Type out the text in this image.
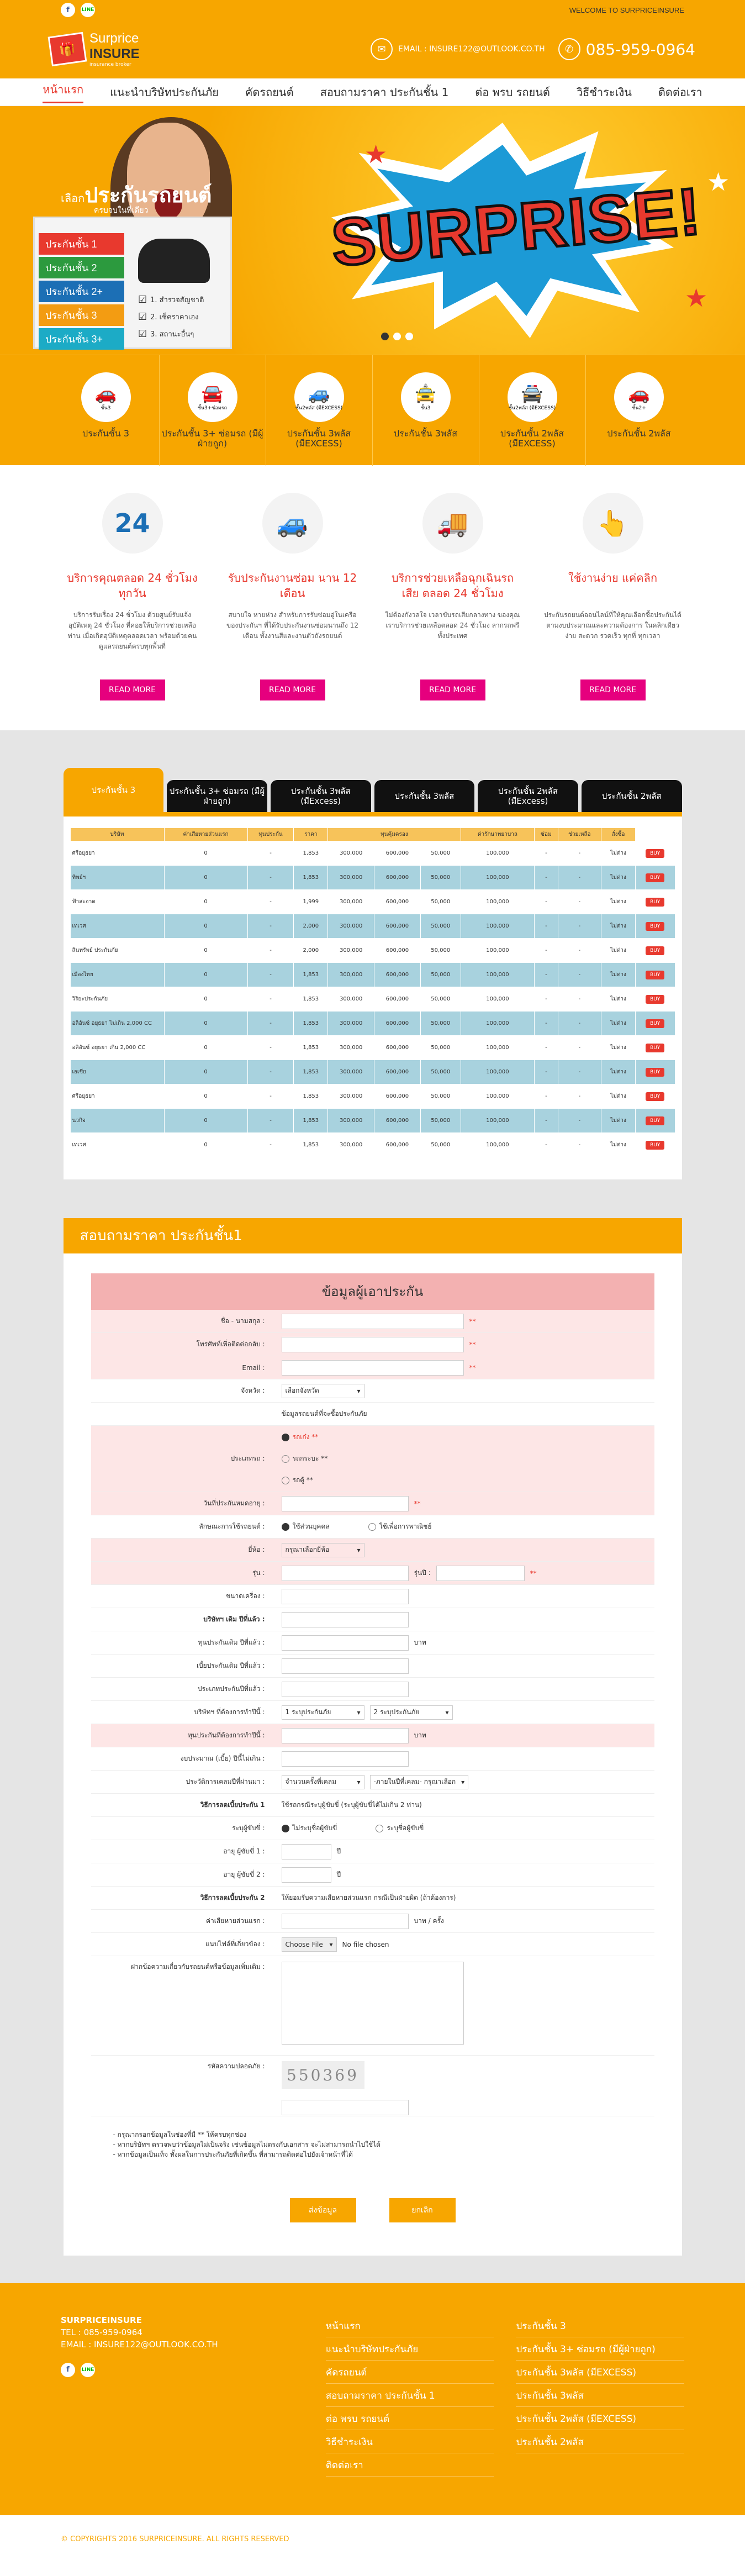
f	LINE	WELCOME TO SURPRICEINSURE
🎁
Surprice
INSURE
insurance broker
✉	EMAIL : INSURE122@OUTLOOK.CO.TH	✆ 085-959-0964
หน้าแรก แนะนำบริษัทประกันภัย คัดรถยนต์ สอบถามราคา ประกันชั้น 1 ต่อ พรบ รถยนต์ วิธีชำระเงิน ติดต่อเรา
เลือกประกันรถยนต์
ครบจบในที่เดียว
ประกันชั้น 1
ประกันชั้น 2
ประกันชั้น 2+
ประกันชั้น 3
ประกันชั้น 3+
☑ 1. สำรวจสัญชาติ
☑ 2. เช็คราคาเอง
☑ 3. สถานะอื่นๆ
SURPRISE!
★
★
★
🚗
ชั้น3
ประกันชั้น 3
🚘
ชั้น3+ซ่อมรถ
ประกันชั้น 3+ ซ่อมรถ (มีผู้ฝ่ายถูก)
🚙
ชั้น2พลัส (มีEXCESS)
ประกันชั้น 3พลัส (มีEXCESS)
🚖
ชั้น3
ประกันชั้น 3พลัส
🚔
ชั้น2พลัส (มีEXCESS)
ประกันชั้น 2พลัส (มีEXCESS)
🚗
ชั้น2+
ประกันชั้น 2พลัส
24
บริการคุณตลอด 24 ชั่วโมง ทุกวัน

บริการรับเรื่อง 24 ชั่วโมง ด้วยศูนย์รับแจ้งอุบัติเหตุ 24 ชั่วโมง ที่คอยให้บริการช่วยเหลือท่าน เมื่อเกิดอุบัติเหตุตลอดเวลา พร้อมด้วยคนดูแลรถยนต์ครบทุกพื้นที่

READ MORE
🚙
รับประกันงานซ่อม นาน 12 เดือน

สบายใจ หายห่วง สำหรับการรับซ่อมอู่ในเครือ ของประกันฯ ที่ได้รับประกันงานซ่อมนานถึง 12 เดือน ทั้งงานสีและงานตัวถังรถยนต์

READ MORE
🚚
บริการช่วยเหลือฉุกเฉินรถเสีย ตลอด 24 ชั่วโมง

ไม่ต้องกังวลใจ เวลาขับรถเสียกลางทาง ของคุณเราบริการช่วยเหลือตลอด 24 ชั่วโมง ลากรถฟรีทั้งประเทศ

READ MORE
👆
ใช้งานง่าย แค่คลิก

ประกันรถยนต์ออนไลน์ที่ให้คุณเลือกซื้อประกันได้ตามงบประมาณและความต้องการ ในคลิกเดียว ง่าย สะดวก รวดเร็ว ทุกที่ ทุกเวลา

READ MORE
ประกันชั้น 3	ประกันชั้น 3+ ซ่อมรถ (มีผู้ฝ่ายถูก)
ประกันชั้น 3พลัส (มีExcess)	ประกันชั้น 3พลัส	ประกันชั้น 2พลัส (มีExcess)	ประกันชั้น 2พลัส
บริษัท	ค่าเสียหายส่วนแรก	ทุนประกัน	ราคา	ทุนคุ้มครอง			ค่ารักษาพยาบาล	ซ่อม	ช่วยเหลือ	สั่งซื้อ	
ศรีอยุธยา	0	-	1,853	300,000	600,000	50,000	100,000	-	-	ไม่ต่าง	BUY
ทิพย์ฯ	0	-	1,853	300,000	600,000	50,000	100,000	-	-	ไม่ต่าง	BUY
ฟ้าสะอาด	0	-	1,999	300,000	600,000	50,000	100,000	-	-	ไม่ต่าง	BUY
เทเวศ	0	-	2,000	300,000	600,000	50,000	100,000	-	-	ไม่ต่าง	BUY
สินทรัพย์ ประกันภัย	0	-	2,000	300,000	600,000	50,000	100,000	-	-	ไม่ต่าง	BUY
เมืองไทย	0	-	1,853	300,000	600,000	50,000	100,000	-	-	ไม่ต่าง	BUY
วิริยะประกันภัย	0	-	1,853	300,000	600,000	50,000	100,000	-	-	ไม่ต่าง	BUY
อลิอันซ์ อยุธยา ไม่เกิน 2,000 CC	0	-	1,853	300,000	600,000	50,000	100,000	-	-	ไม่ต่าง	BUY
อลิอันซ์ อยุธยา เกิน 2,000 CC	0	-	1,853	300,000	600,000	50,000	100,000	-	-	ไม่ต่าง	BUY
เอเชีย	0	-	1,853	300,000	600,000	50,000	100,000	-	-	ไม่ต่าง	BUY
ศรีอยุธยา	0	-	1,853	300,000	600,000	50,000	100,000	-	-	ไม่ต่าง	BUY
นวกิจ	0	-	1,853	300,000	600,000	50,000	100,000	-	-	ไม่ต่าง	BUY
เทเวศ	0	-	1,853	300,000	600,000	50,000	100,000	-	-	ไม่ต่าง	BUY
สอบถามราคา ประกันชั้น1
ข้อมูลผู้เอาประกัน
ชื่อ - นามสกุล :	**
โทรศัพท์เพื่อติดต่อกลับ :	**
Email :	**
จังหวัด :	เลือกจังหวัด ▾
ข้อมูลรถยนต์ที่จะซื้อประกันภัย
ประเภทรถ :
รถเก๋ง **
รถกระบะ **
รถตู้ **
วันที่ประกันหมดอายุ :	**
ลักษณะการใช้รถยนต์ :	ใช้ส่วนบุคคล	ใช้เพื่อการพาณิชย์
ยี่ห้อ :	กรุณาเลือกยี่ห้อ ▾
รุ่น :	รุ่นปี :	**
ขนาดเครื่อง :
บริษัทฯ เดิม ปีที่แล้ว :
ทุนประกันเดิม ปีที่แล้ว :	บาท
เบี้ยประกันเดิม ปีที่แล้ว :
ประเภทประกันปีที่แล้ว :
บริษัทฯ ที่ต้องการทำปีนี้ :	1 ระบุประกันภัย ▾	2 ระบุประกันภัย ▾
ทุนประกันที่ต้องการทำปีนี้ :	บาท
งบประมาณ (เบี้ย) ปีนี้ไม่เกิน :
ประวัติการเคลมปีที่ผ่านมา :	จำนวนครั้งที่เคลม ▾	-ภายในปีที่เคลม- กรุณาเลือก ▾
วิธีการลดเบี้ยประกัน 1	ใช้รถกรณีระบุผู้ขับขี่ (ระบุผู้ขับขี่ได้ไม่เกิน 2 ท่าน)
ระบุผู้ขับขี่ :	ไม่ระบุชื่อผู้ขับขี่	ระบุชื่อผู้ขับขี่
อายุ ผู้ขับขี่ 1 :	ปี
อายุ ผู้ขับขี่ 2 :	ปี
วิธีการลดเบี้ยประกัน 2	ให้ยอมรับความเสียหายส่วนแรก กรณีเป็นฝ่ายผิด (ถ้าต้องการ)
ค่าเสียหายส่วนแรก :	บาท / ครั้ง
แนบไฟล์ที่เกี่ยวข้อง :	Choose File ▾	No file chosen
ฝากข้อความเกี่ยวกับรถยนต์หรือข้อมูลเพิ่มเติม :
รหัสความปลอดภัย :	550369
- กรุณากรอกข้อมูลในช่องที่มี ** ให้ครบทุกช่อง
- หากบริษัทฯ ตรวจพบว่าข้อมูลไม่เป็นจริง เช่นข้อมูลไม่ตรงกับเอกสาร จะไม่สามารถนำไปใช้ได้
- หากข้อมูลเป็นเท็จ ทั้งผลในการประกันภัยที่เกิดขึ้น ที่สามารถติดต่อไปยังเจ้าหน้าที่ได้
ส่งข้อมูล	ยกเลิก
SURPRICEINSURE
TEL : 085-959-0964
EMAIL : INSURE122@OUTLOOK.CO.TH
f	LINE
หน้าแรก
แนะนำบริษัทประกันภัย
คัดรถยนต์
สอบถามราคา ประกันชั้น 1
ต่อ พรบ รถยนต์
วิธีชำระเงิน
ติดต่อเรา
ประกันชั้น 3
ประกันชั้น 3+ ซ่อมรถ (มีผู้ฝ่ายถูก)
ประกันชั้น 3พลัส (มีEXCESS)
ประกันชั้น 3พลัส
ประกันชั้น 2พลัส (มีEXCESS)
ประกันชั้น 2พลัส
© COPYRIGHTS 2016 SURPRICEINSURE. ALL RIGHTS RESERVED
